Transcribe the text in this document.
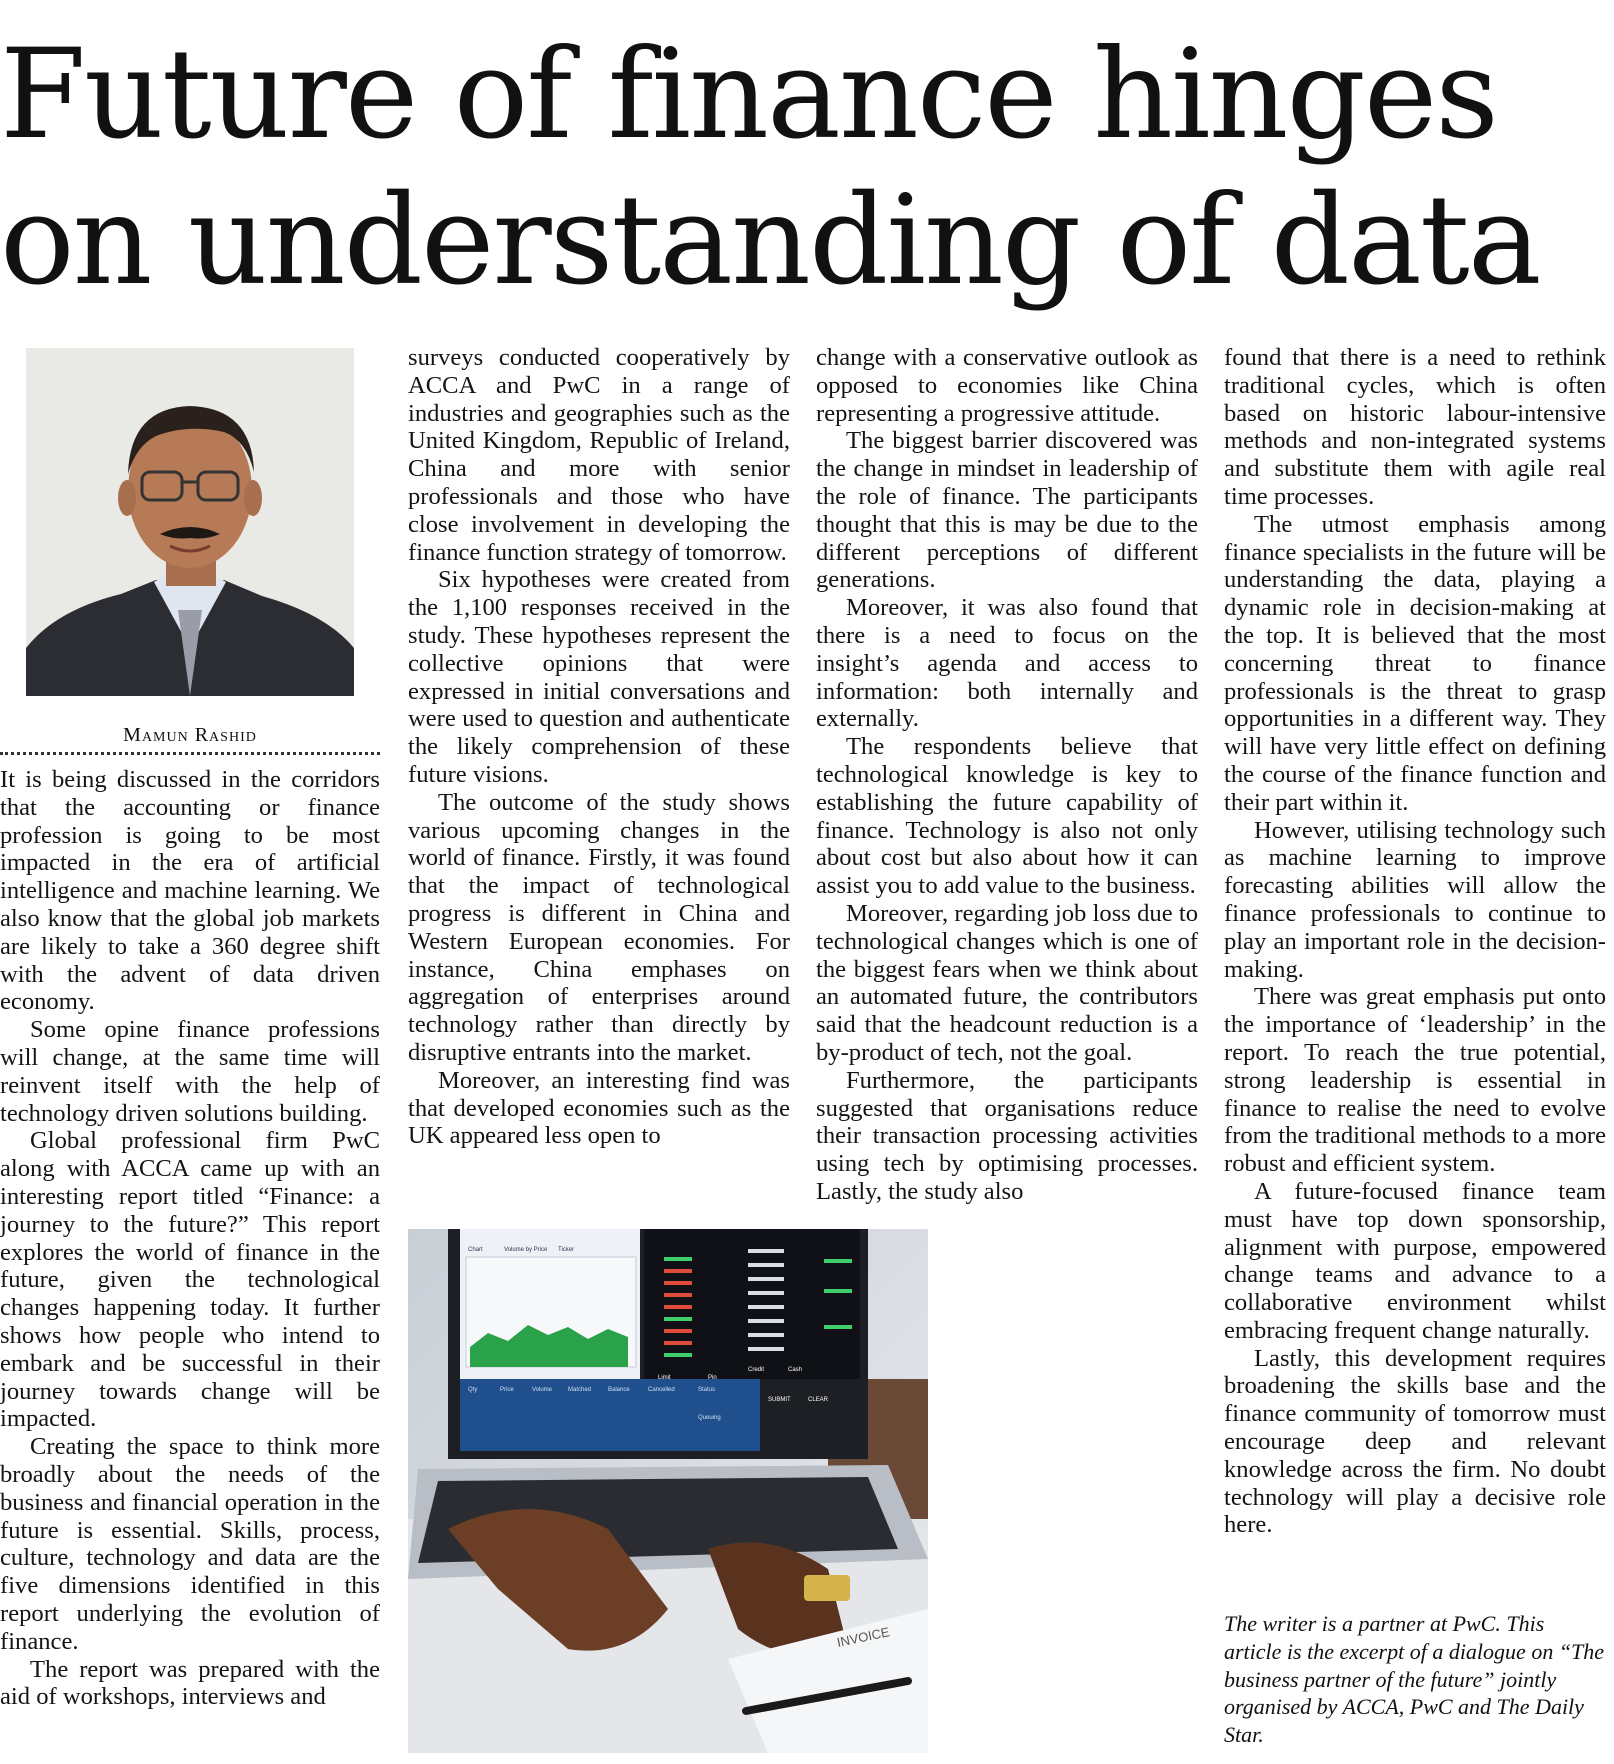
Future of finance hinges on understanding of data
Mamun Rashid

It is being discussed in the corridors that the accounting or finance profession is going to be most impacted in the era of artificial intelligence and machine learning. We also know that the global job markets are likely to take a 360 degree shift with the advent of data driven economy.

Some opine finance professions will change, at the same time will reinvent itself with the help of technology driven solutions building.

Global professional firm PwC along with ACCA came up with an interesting report titled “Finance: a journey to the future?” This report explores the world of finance in the future, given the technological changes happening today. It further shows how people who intend to embark and be successful in their journey towards change will be impacted.

Creating the space to think more broadly about the needs of the business and financial operation in the future is essential. Skills, process, culture, technology and data are the five dimensions identified in this report underlying the evolution of finance.

The report was prepared with the aid of workshops, interviews and

surveys conducted cooperatively by ACCA and PwC in a range of industries and geographies such as the United Kingdom, Republic of Ireland, China and more with senior professionals and those who have close involvement in developing the finance function strategy of tomorrow.

Six hypotheses were created from the 1,100 responses received in the study. These hypotheses represent the collective opinions that were expressed in initial conversations and were used to question and authenticate the likely comprehension of these future visions.

The outcome of the study shows various upcoming changes in the world of finance. Firstly, it was found that the impact of technological progress is different in China and Western European economies. For instance, China emphases on aggregation of enterprises around technology rather than directly by disruptive entrants into the market.

Moreover, an interesting find was that developed economies such as the UK appeared less open to

change with a conservative outlook as opposed to economies like China representing a progressive attitude.

The biggest barrier discovered was the change in mindset in leadership of the role of finance. The participants thought that this is may be due to the different perceptions of different generations.

Moreover, it was also found that there is a need to focus on the insight’s agenda and access to information: both internally and externally.

The respondents believe that technological knowledge is key to establishing the future capability of finance. Technology is also not only about cost but also about how it can assist you to add value to the business.

Moreover, regarding job loss due to technological changes which is one of the biggest fears when we think about an automated future, the contributors said that the headcount reduction is a by-product of tech, not the goal.

Furthermore, the participants suggested that organisations reduce their transaction processing activities using tech by optimising processes. Lastly, the study also

found that there is a need to rethink traditional cycles, which is often based on historic labour-intensive methods and non-integrated systems and substitute them with agile real time processes.

The utmost emphasis among finance specialists in the future will be understanding the data, playing a dynamic role in decision-making at the top. It is believed that the most concerning threat to finance professionals is the threat to grasp opportunities in a different way. They will have very little effect on defining the course of the finance function and their part within it.

However, utilising technology such as machine learning to improve forecasting abilities will allow the finance professionals to continue to play an important role in the decision-making.

There was great emphasis put onto the importance of ‘leadership’ in the report. To reach the true potential, strong leadership is essential in finance to realise the need to evolve from the traditional methods to a more robust and efficient system.

A future-focused finance team must have top down sponsorship, alignment with purpose, empowered change teams and advance to a collaborative environment whilst embracing frequent change naturally.

Lastly, this development requires broadening the skills base and the finance community of tomorrow must encourage deep and relevant knowledge across the firm. No doubt technology will play a decisive role here.

INVOICE
Chart	Volume by Price Ticker
Limit	Pin
Credit	Cash
SUBMIT	CLEAR
Qty	Price	Volume	Matched	Balance	Cancelled	Status
Queuing
The writer is a partner at PwC. This article is the excerpt of a dialogue on “The business partner of the future” jointly organised by ACCA, PwC and The Daily Star.
